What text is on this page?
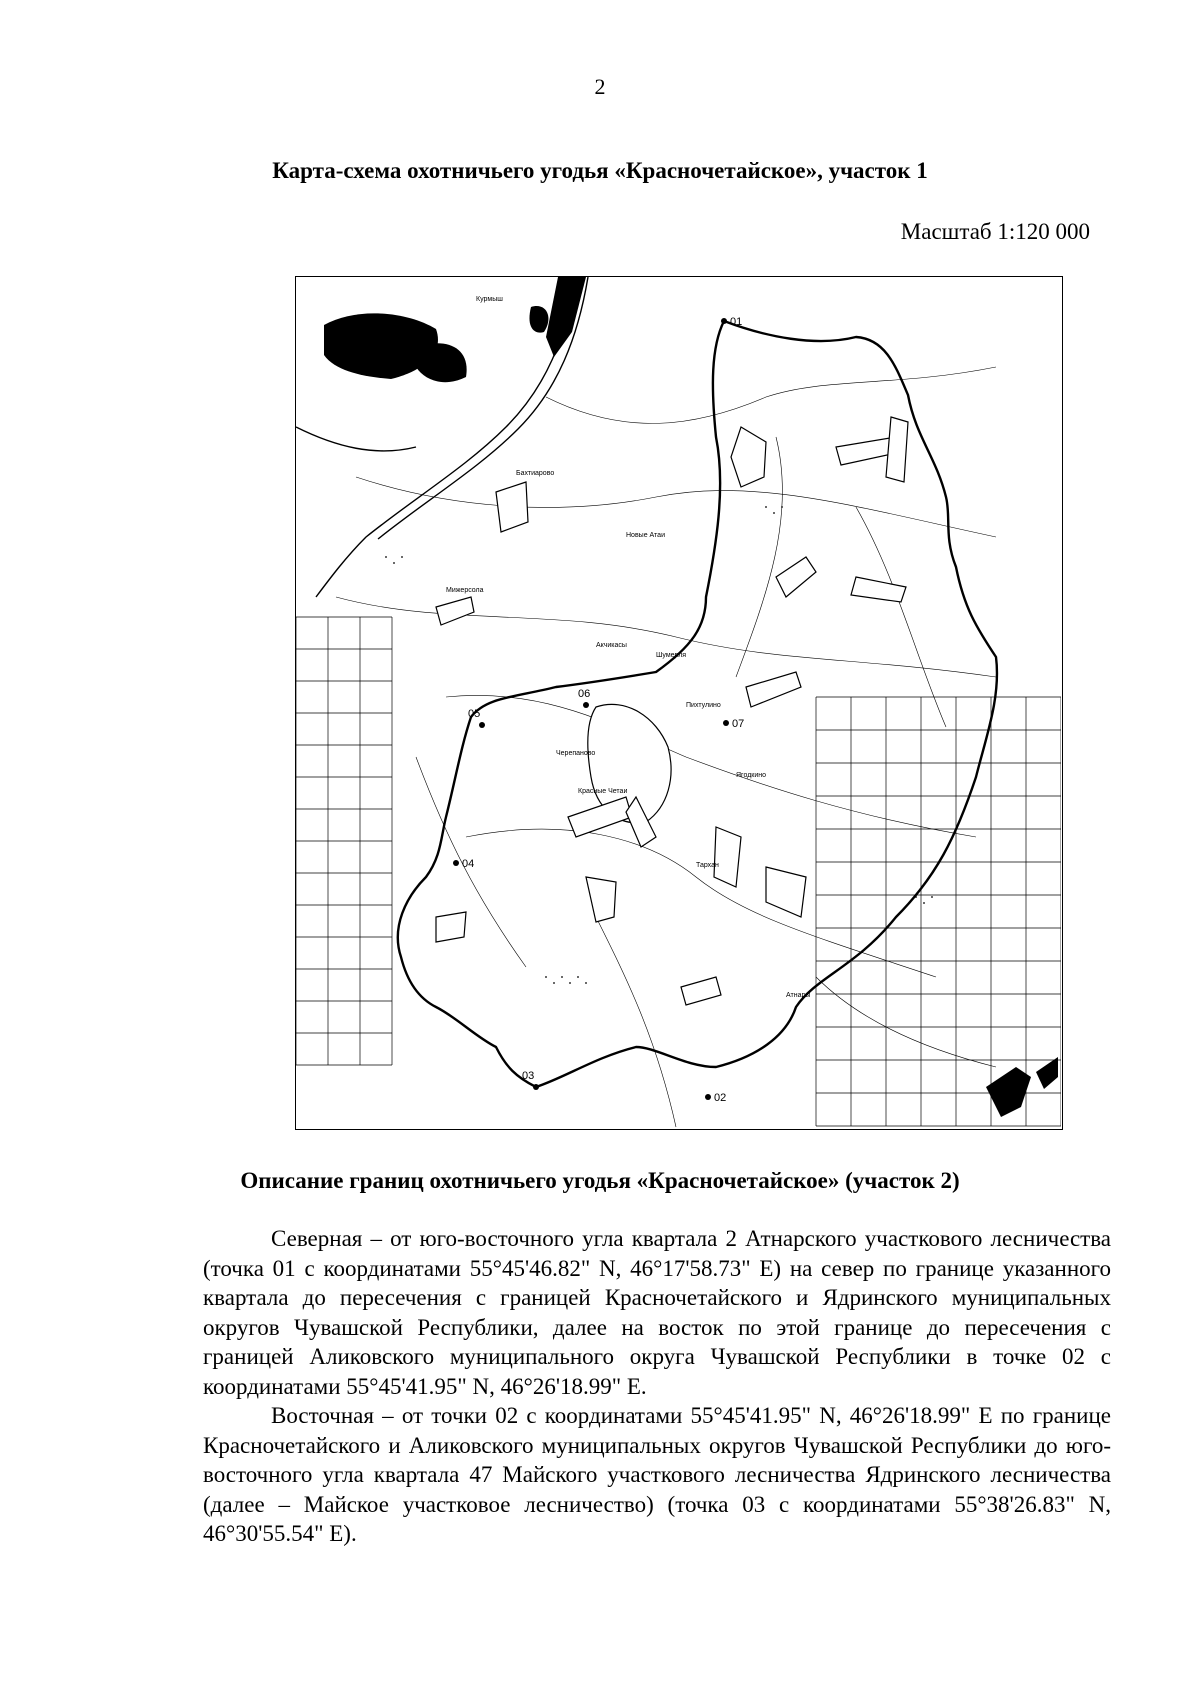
2
Карта-схема охотничьего угодья «Красночетайское», участок 1
Масштаб 1:120 000
01
02
03
04
05
06
07
Курмыш
Красные Четаи
Атнары
Пихтулино
Черепаново
Мижерсола
Бахтиарово
Новые Атаи
Шумерля
Акчикасы
Тархан
Ягодкино
Описание границ охотничьего угодья «Красночетайское» (участок 2)

Северная – от юго-восточного угла квартала 2 Атнарского участкового лесничества (точка 01 с координатами 55°45'46.82" N, 46°17'58.73" E) на север по границе указанного квартала до пересечения с границей Красночетайского и Ядринского муниципальных округов Чувашской Республики, далее на восток по этой границе до пересечения с границей Аликовского муниципального округа Чувашской Республики в точке 02 с координатами 55°45'41.95" N, 46°26'18.99" E.

Восточная – от точки 02 с координатами 55°45'41.95" N, 46°26'18.99" E по границе Красночетайского и Аликовского муниципальных округов Чувашской Республики до юго-восточного угла квартала 47 Майского участкового лесничества Ядринского лесничества (далее – Майское участковое лесничество) (точка 03 с координатами 55°38'26.83" N, 46°30'55.54" E).
